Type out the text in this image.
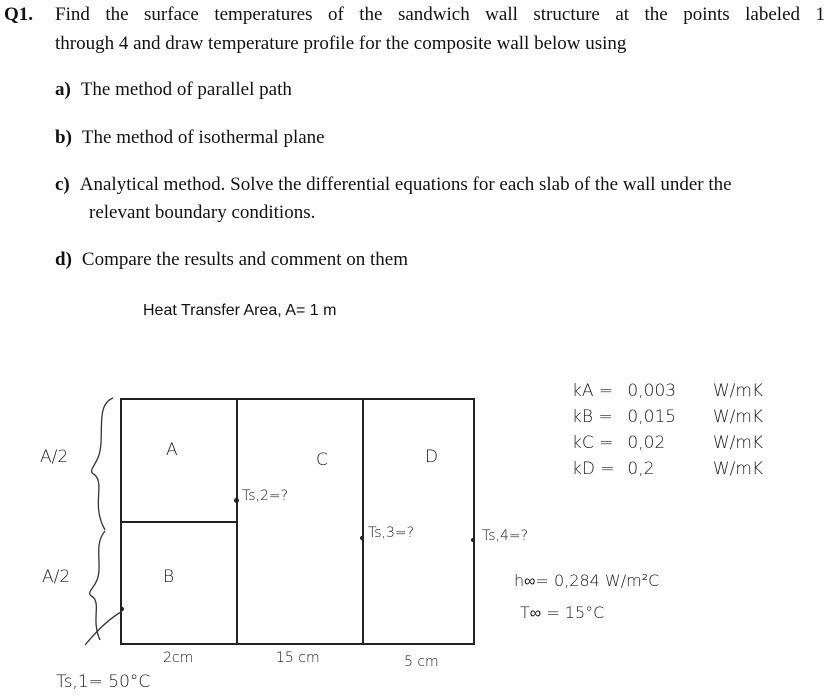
Q1. Find the surface temperatures of the sandwich wall structure at the points labeled 1
through 4 and draw temperature profile for the composite wall below using
a) The method of parallel path
b) The method of isothermal plane
c) Analytical method. Solve the differential equations for each slab of the wall under the
relevant boundary conditions.
d) Compare the results and comment on them
Heat Transfer Area, A= 1 m
A
B
C	D
A/2
A/2
Ts,2=?
Ts,3=?	Ts,4=?
Ts,1= 50°C
2cm	15 cm	5 cm
kA = 0,003 W/mK
kB = 0,015 W/mK
kC = 0,02	W/mK
kD = 0,2	W/mK
h∞= 0,284 W/m²C
T∞ = 15°C
